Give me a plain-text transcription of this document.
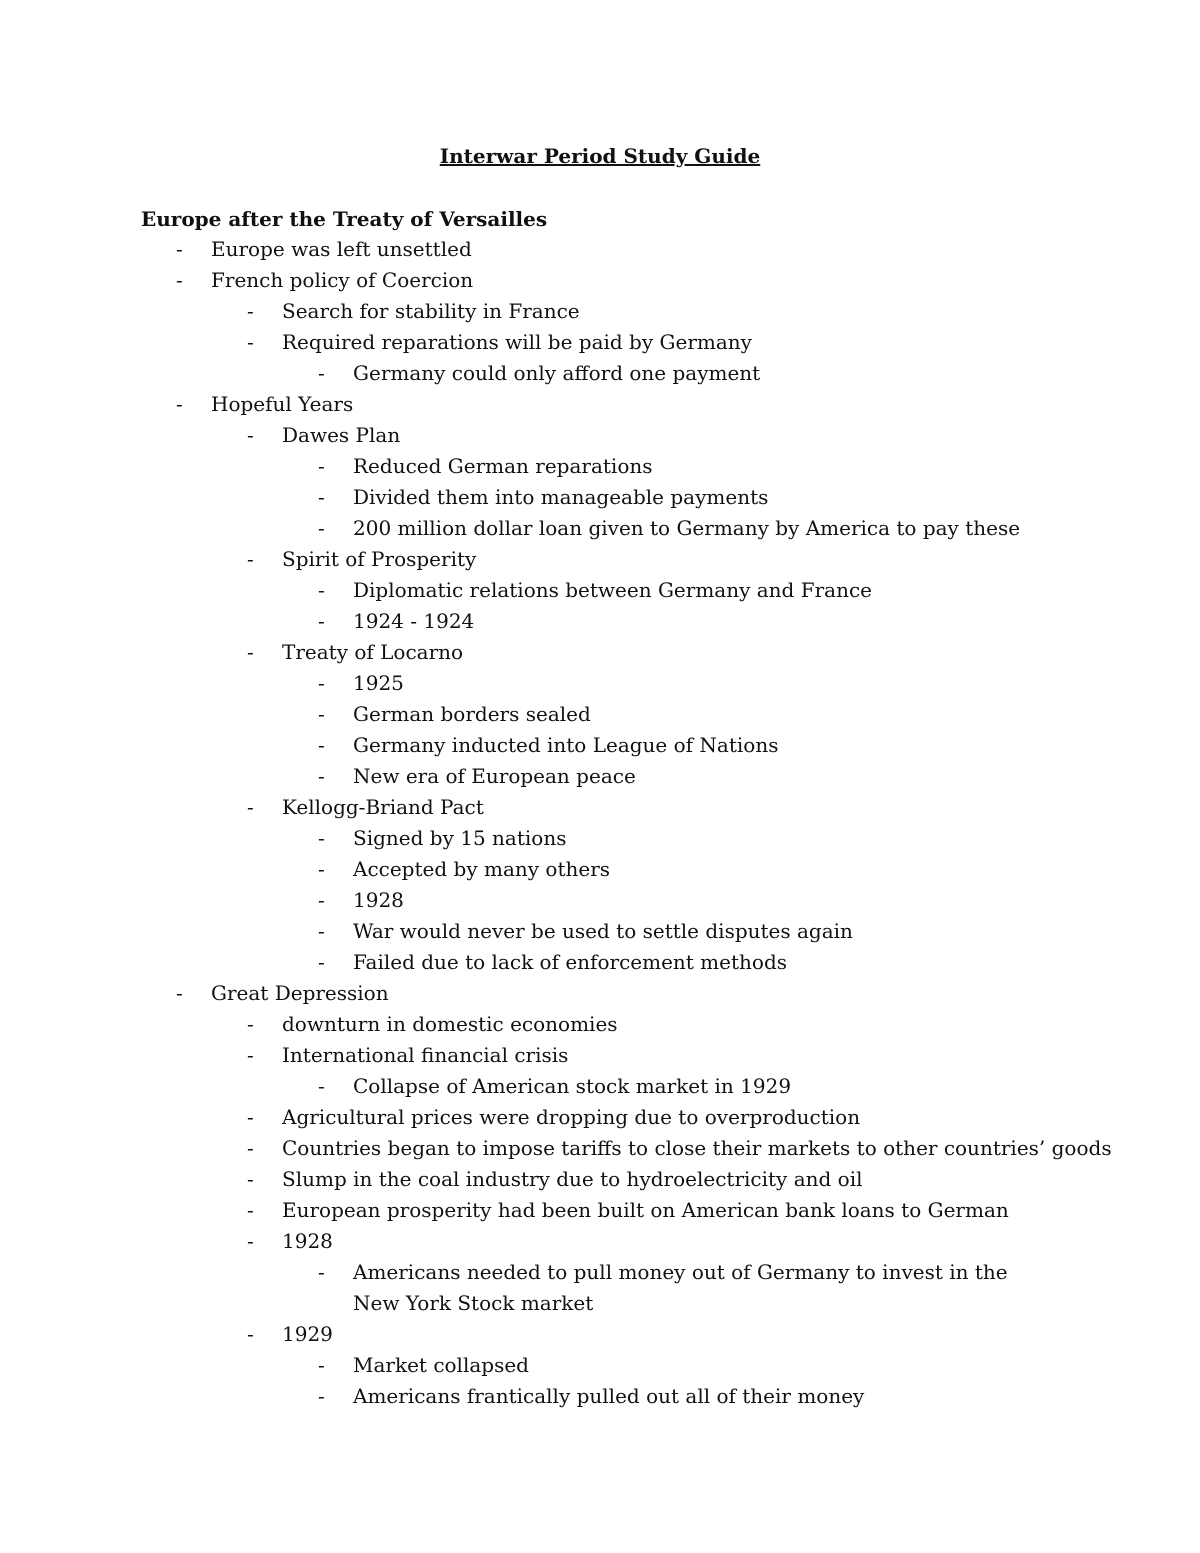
Interwar Period Study Guide
Europe after the Treaty of Versailles
- Europe was left unsettled
- French policy of Coercion
- Search for stability in France
- Required reparations will be paid by Germany
- Germany could only afford one payment
- Hopeful Years
- Dawes Plan
- Reduced German reparations
- Divided them into manageable payments
- 200 million dollar loan given to Germany by America to pay these
- Spirit of Prosperity
- Diplomatic relations between Germany and France
- 1924 - 1924
- Treaty of Locarno
- 1925
- German borders sealed
- Germany inducted into League of Nations
- New era of European peace
- Kellogg-Briand Pact
- Signed by 15 nations
- Accepted by many others
- 1928
- War would never be used to settle disputes again
- Failed due to lack of enforcement methods
- Great Depression
- downturn in domestic economies
- International financial crisis
- Collapse of American stock market in 1929
- Agricultural prices were dropping due to overproduction
- Countries began to impose tariffs to close their markets to other countries’ goods
- Slump in the coal industry due to hydroelectricity and oil
- European prosperity had been built on American bank loans to German
- 1928
- Americans needed to pull money out of Germany to invest in the New York Stock market
- 1929
- Market collapsed
- Americans frantically pulled out all of their money
